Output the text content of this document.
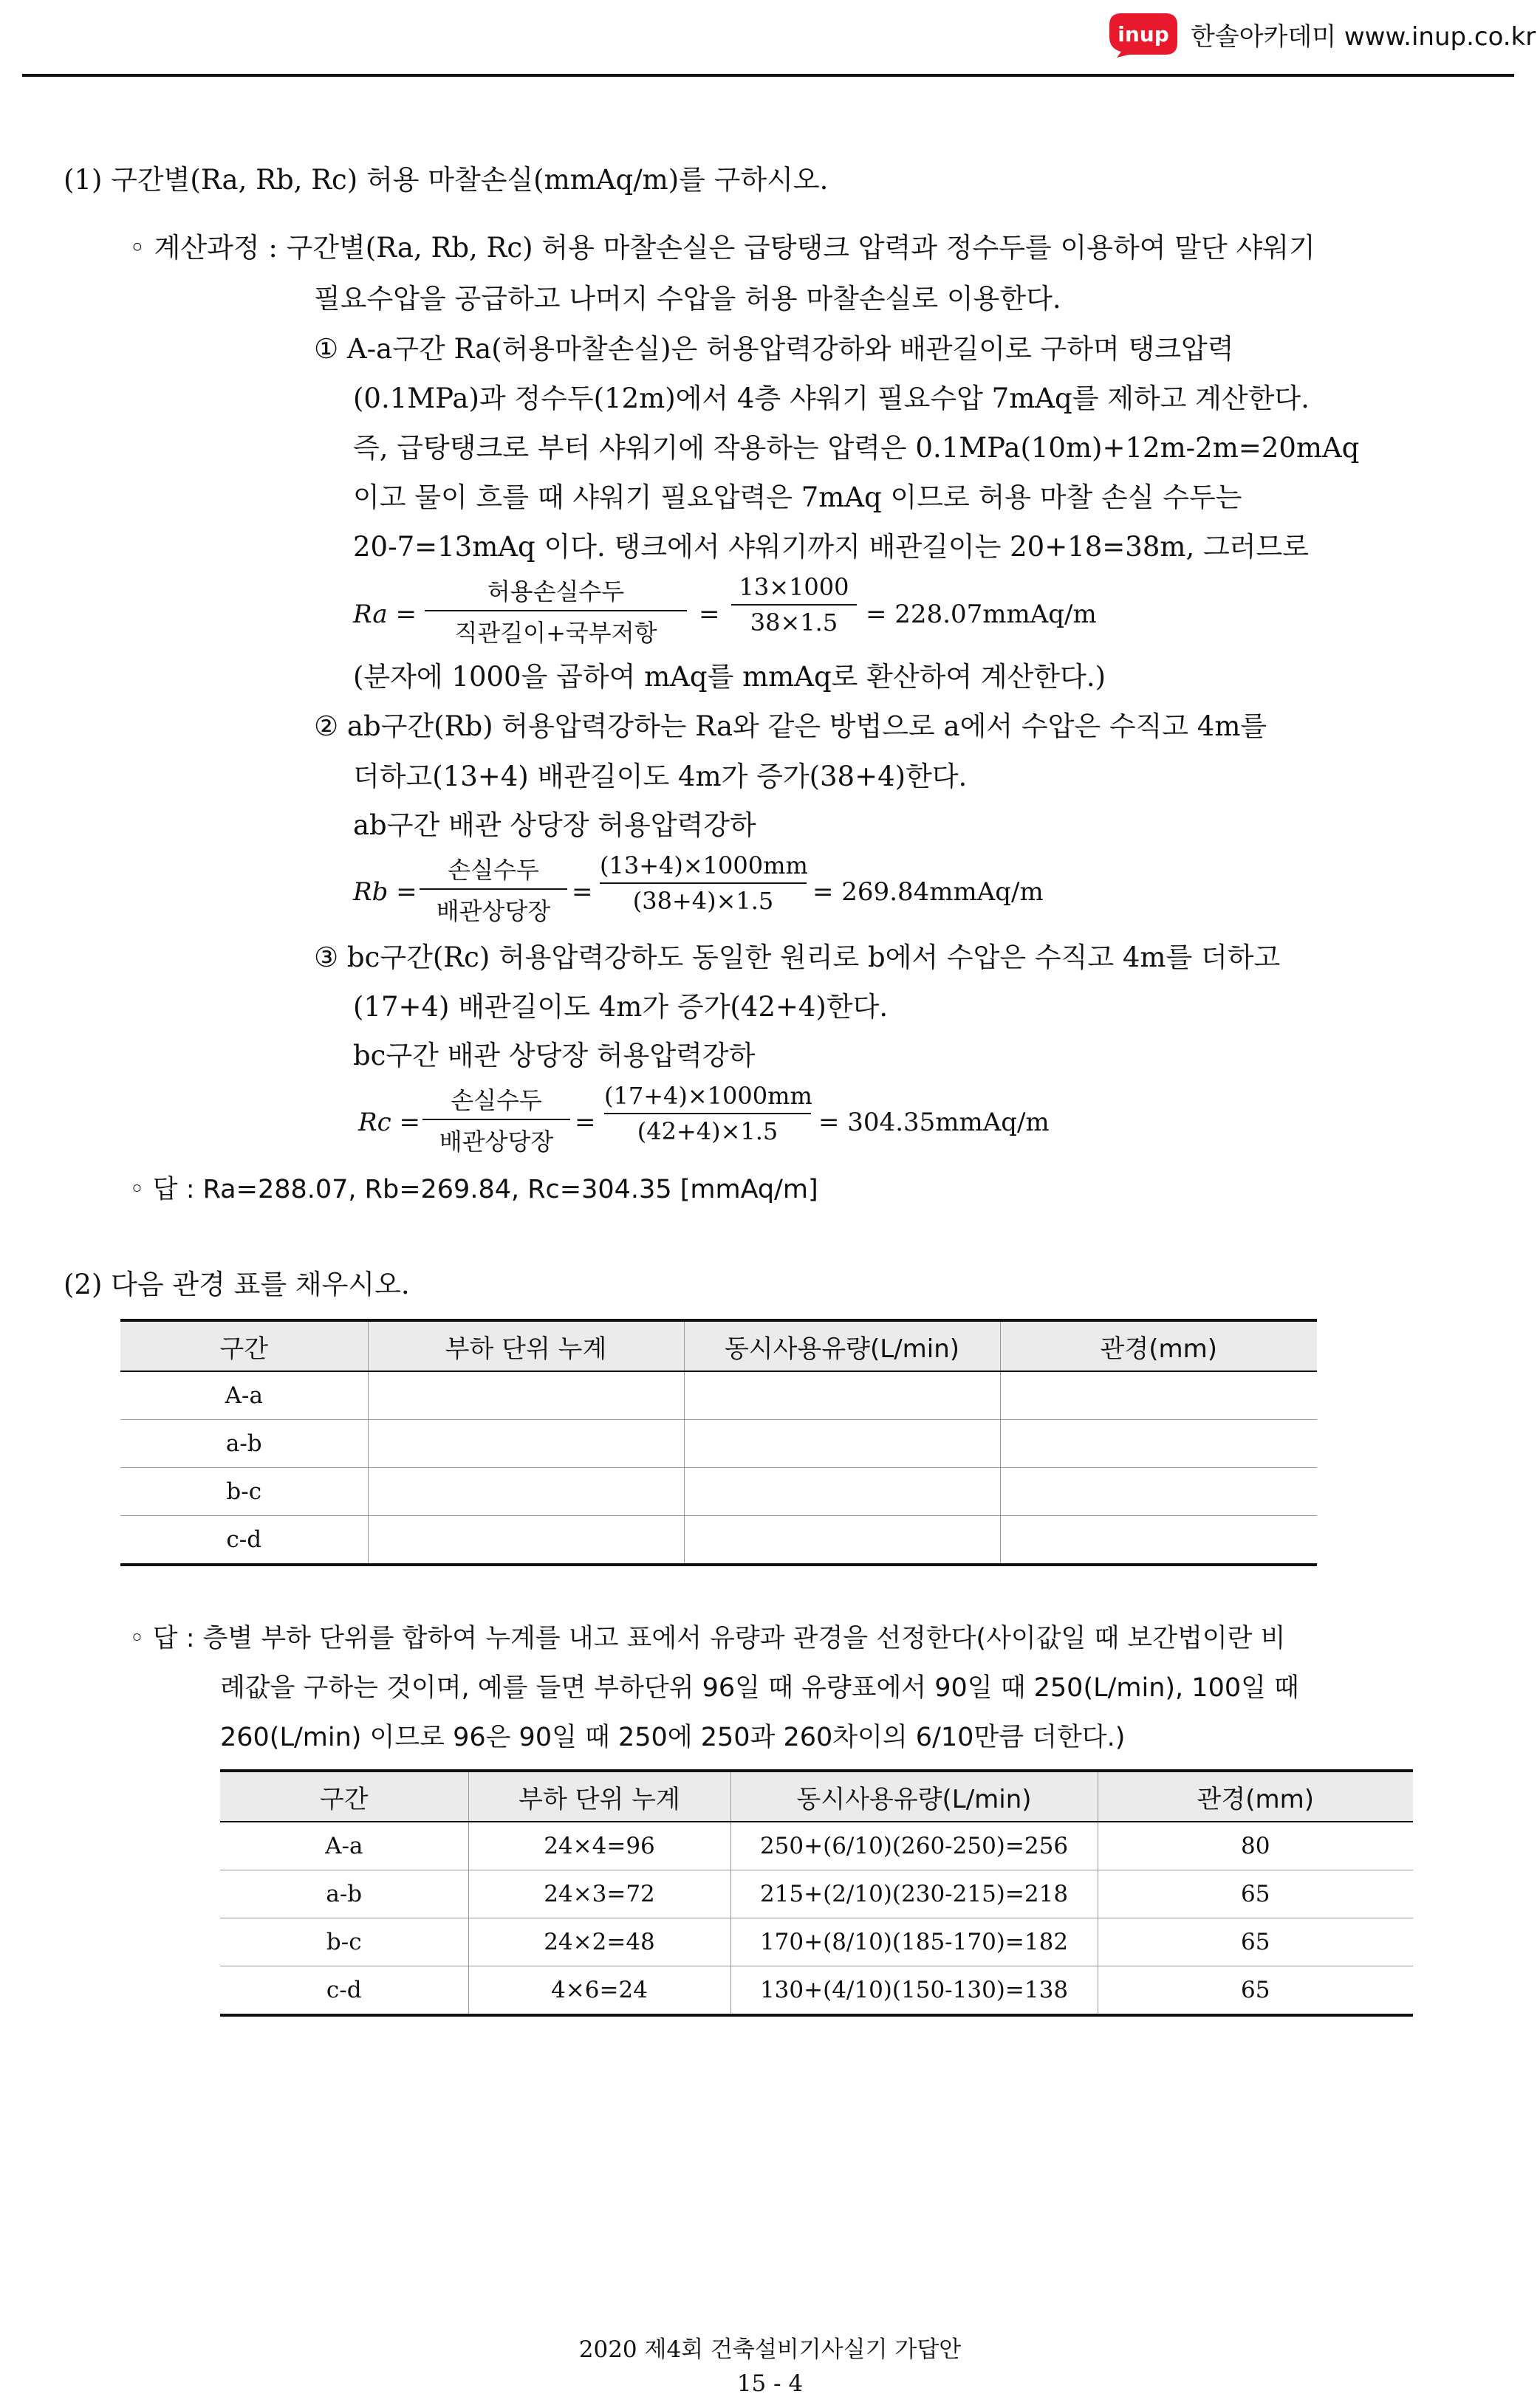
inup 한솔아카데미 www.inup.co.kr
(1) 구간별(Ra, Rb, Rc) 허용 마찰손실(mmAq/m)를 구하시오.
◦ 계산과정 : 구간별(Ra, Rb, Rc) 허용 마찰손실은 급탕탱크 압력과 정수두를 이용하여 말단 샤워기
필요수압을 공급하고 나머지 수압을 허용 마찰손실로 이용한다.
① A-a구간 Ra(허용마찰손실)은 허용압력강하와 배관길이로 구하며 탱크압력
(0.1MPa)과 정수두(12m)에서 4층 샤워기 필요수압 7mAq를 제하고 계산한다.
즉, 급탕탱크로 부터 샤워기에 작용하는 압력은 0.1MPa(10m)+12m-2m=20mAq
이고 물이 흐를 때 샤워기 필요압력은 7mAq 이므로 허용 마찰 손실 수두는
20-7=13mAq 이다. 탱크에서 샤워기까지 배관길이는 20+18=38m, 그러므로
Ra =
허용손실수두
직관길이+국부저항
=
13×1000
38×1.5	= 228.07mmAq/m
(분자에 1000을 곱하여 mAq를 mmAq로 환산하여 계산한다.)
② ab구간(Rb) 허용압력강하는 Ra와 같은 방법으로 a에서 수압은 수직고 4m를
더하고(13+4) 배관길이도 4m가 증가(38+4)한다.
ab구간 배관 상당장 허용압력강하
Rb =
손실수두
배관상당장
=
(13+4)×1000mm
(38+4)×1.5	= 269.84mmAq/m
③ bc구간(Rc) 허용압력강하도 동일한 원리로 b에서 수압은 수직고 4m를 더하고
(17+4) 배관길이도 4m가 증가(42+4)한다.
bc구간 배관 상당장 허용압력강하
Rc =
손실수두
배관상당장
=
(17+4)×1000mm
(42+4)×1.5	= 304.35mmAq/m
◦ 답 : Ra=288.07, Rb=269.84, Rc=304.35 [mmAq/m]
(2) 다음 관경 표를 채우시오.
구간	부하 단위 누계	동시사용유량(L/min)	관경(mm)
A-a			
a-b			
b-c			
c-d			
◦ 답 : 층별 부하 단위를 합하여 누계를 내고 표에서 유량과 관경을 선정한다(사이값일 때 보간법이란 비
례값을 구하는 것이며, 예를 들면 부하단위 96일 때 유량표에서 90일 때 250(L/min), 100일 때
260(L/min) 이므로 96은 90일 때 250에 250과 260차이의 6/10만큼 더한다.)
구간	부하 단위 누계	동시사용유량(L/min)	관경(mm)
A-a	24×4=96	250+(6/10)(260-250)=256	80
a-b	24×3=72	215+(2/10)(230-215)=218	65
b-c	24×2=48	170+(8/10)(185-170)=182	65
c-d	4×6=24	130+(4/10)(150-130)=138	65
2020 제4회 건축설비기사실기 가답안
15 - 4
